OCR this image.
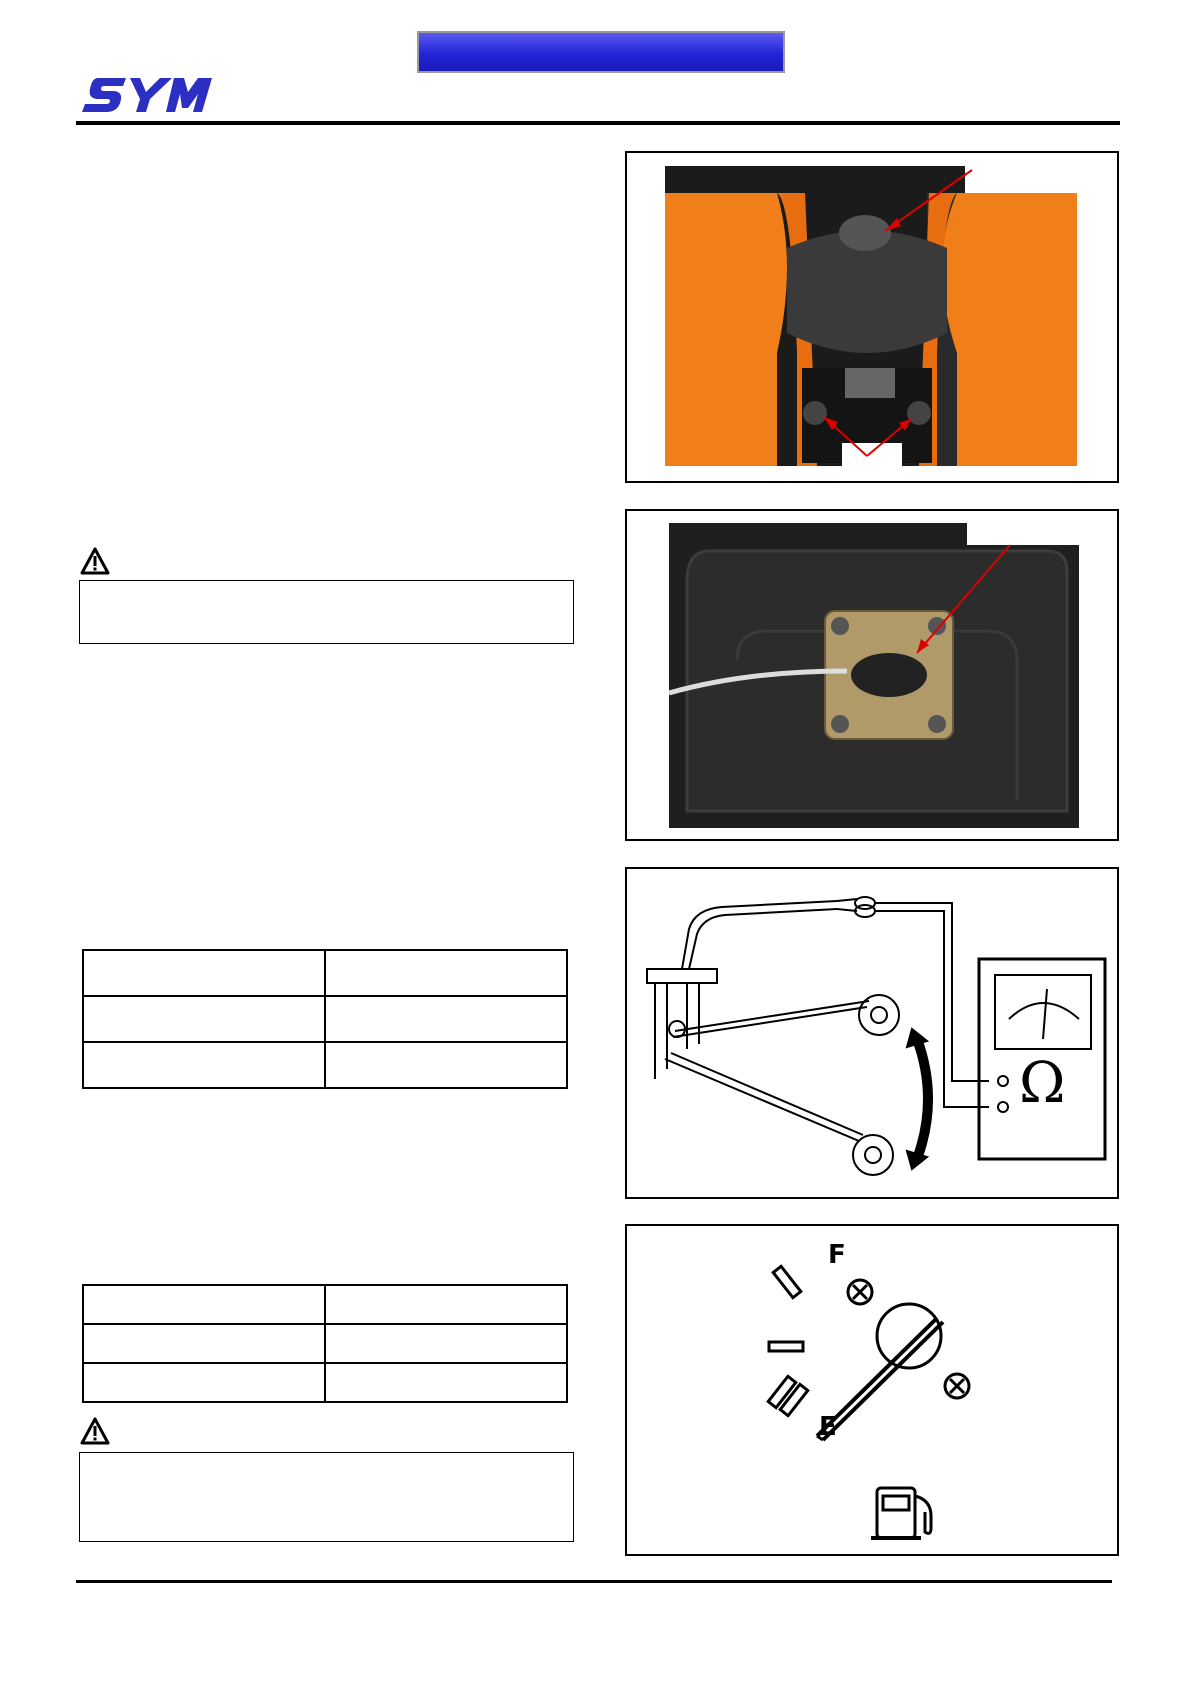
Ω
F
E
